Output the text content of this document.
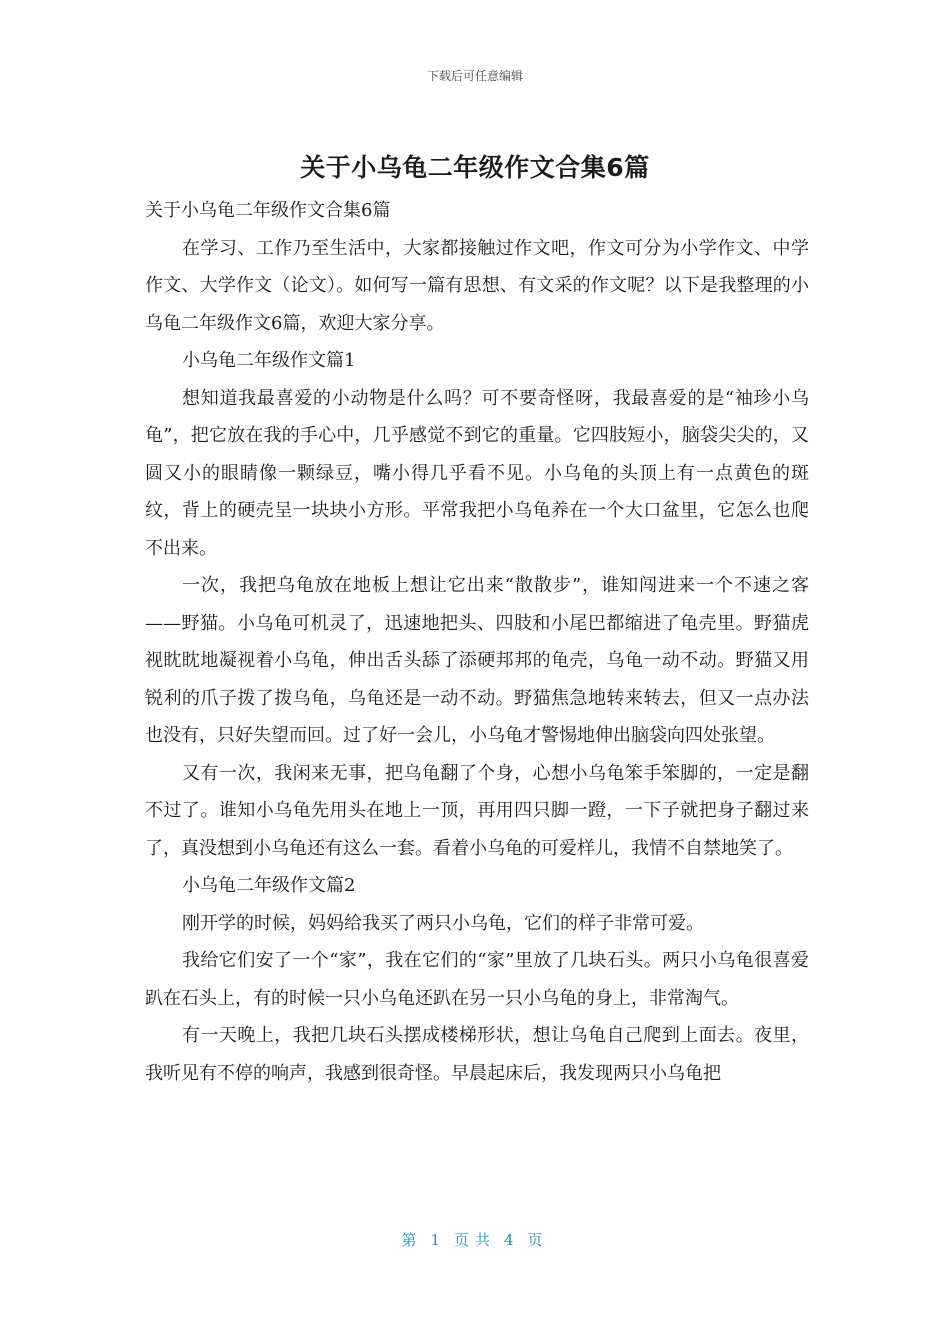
下载后可任意编辑
关于小乌龟二年级作文合集6篇

关于小乌龟二年级作文合集6篇

在学习、工作乃至生活中，大家都接触过作文吧，作文可分为小学作文、中学作文、大学作文（论文）。如何写一篇有思想、有文采的作文呢？以下是我整理的小乌龟二年级作文6篇，欢迎大家分享。

小乌龟二年级作文篇1

想知道我最喜爱的小动物是什么吗？可不要奇怪呀，我最喜爱的是“袖珍小乌龟”，把它放在我的手心中，几乎感觉不到它的重量。它四肢短小，脑袋尖尖的，又圆又小的眼睛像一颗绿豆，嘴小得几乎看不见。小乌龟的头顶上有一点黄色的斑纹，背上的硬壳呈一块块小方形。平常我把小乌龟养在一个大口盆里，它怎么也爬不出来。

一次，我把乌龟放在地板上想让它出来“散散步”，谁知闯进来一个不速之客——野猫。小乌龟可机灵了，迅速地把头、四肢和小尾巴都缩进了龟壳里。野猫虎视眈眈地凝视着小乌龟，伸出舌头舔了添硬邦邦的龟壳，乌龟一动不动。野猫又用锐利的爪子拨了拨乌龟，乌龟还是一动不动。野猫焦急地转来转去，但又一点办法也没有，只好失望而回。过了好一会儿，小乌龟才警惕地伸出脑袋向四处张望。

又有一次，我闲来无事，把乌龟翻了个身，心想小乌龟笨手笨脚的，一定是翻不过了。谁知小乌龟先用头在地上一顶，再用四只脚一蹬，一下子就把身子翻过来了，真没想到小乌龟还有这么一套。看着小乌龟的可爱样儿，我情不自禁地笑了。

小乌龟二年级作文篇2

刚开学的时候，妈妈给我买了两只小乌龟，它们的样子非常可爱。

我给它们安了一个“家”，我在它们的“家”里放了几块石头。两只小乌龟很喜爱趴在石头上，有的时候一只小乌龟还趴在另一只小乌龟的身上，非常淘气。

有一天晚上，我把几块石头摆成楼梯形状，想让乌龟自己爬到上面去。夜里，我听见有不停的响声，我感到很奇怪。早晨起床后，我发现两只小乌龟把

第 1 页共 4 页
